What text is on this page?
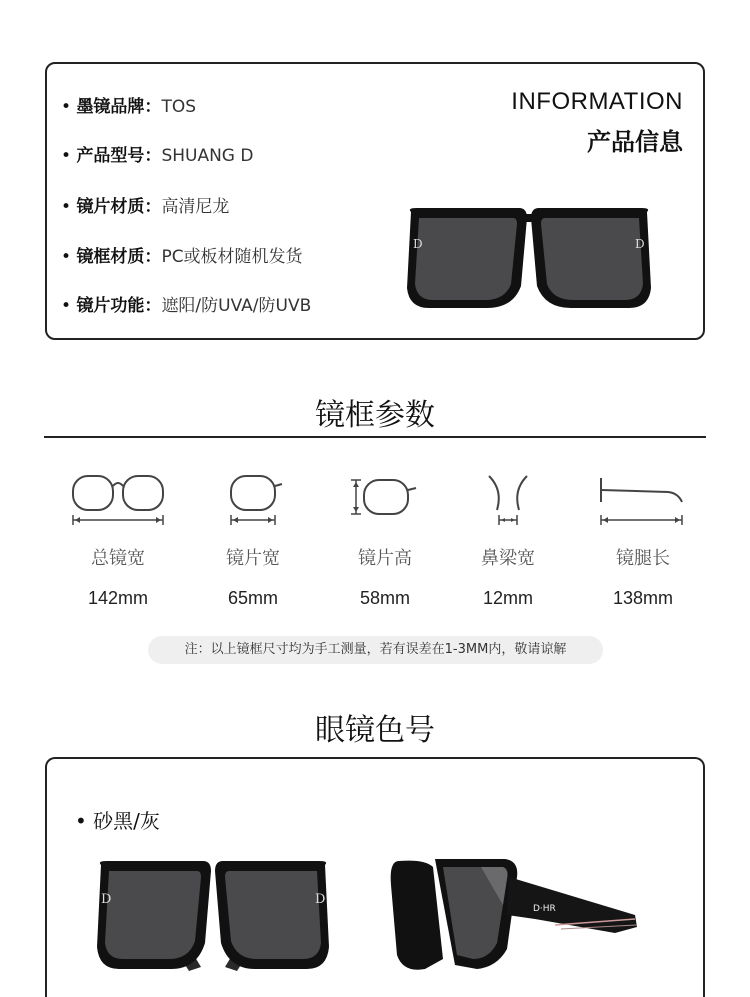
• 墨镜品牌：TOS
• 产品型号：SHUANG D
• 镜片材质：高清尼龙
• 镜框材质：PC或板材随机发货
• 镜片功能：遮阳/防UVA/防UVB
INFORMATION
产品信息
D	D
镜框参数
总镜宽
142mm
镜片宽
65mm
镜片高
58mm
鼻梁宽
12mm
镜腿长
138mm
注：以上镜框尺寸均为手工测量，若有误差在1-3MM内，敬请谅解
眼镜色号
• 砂黑/灰
D	D
D·HR
